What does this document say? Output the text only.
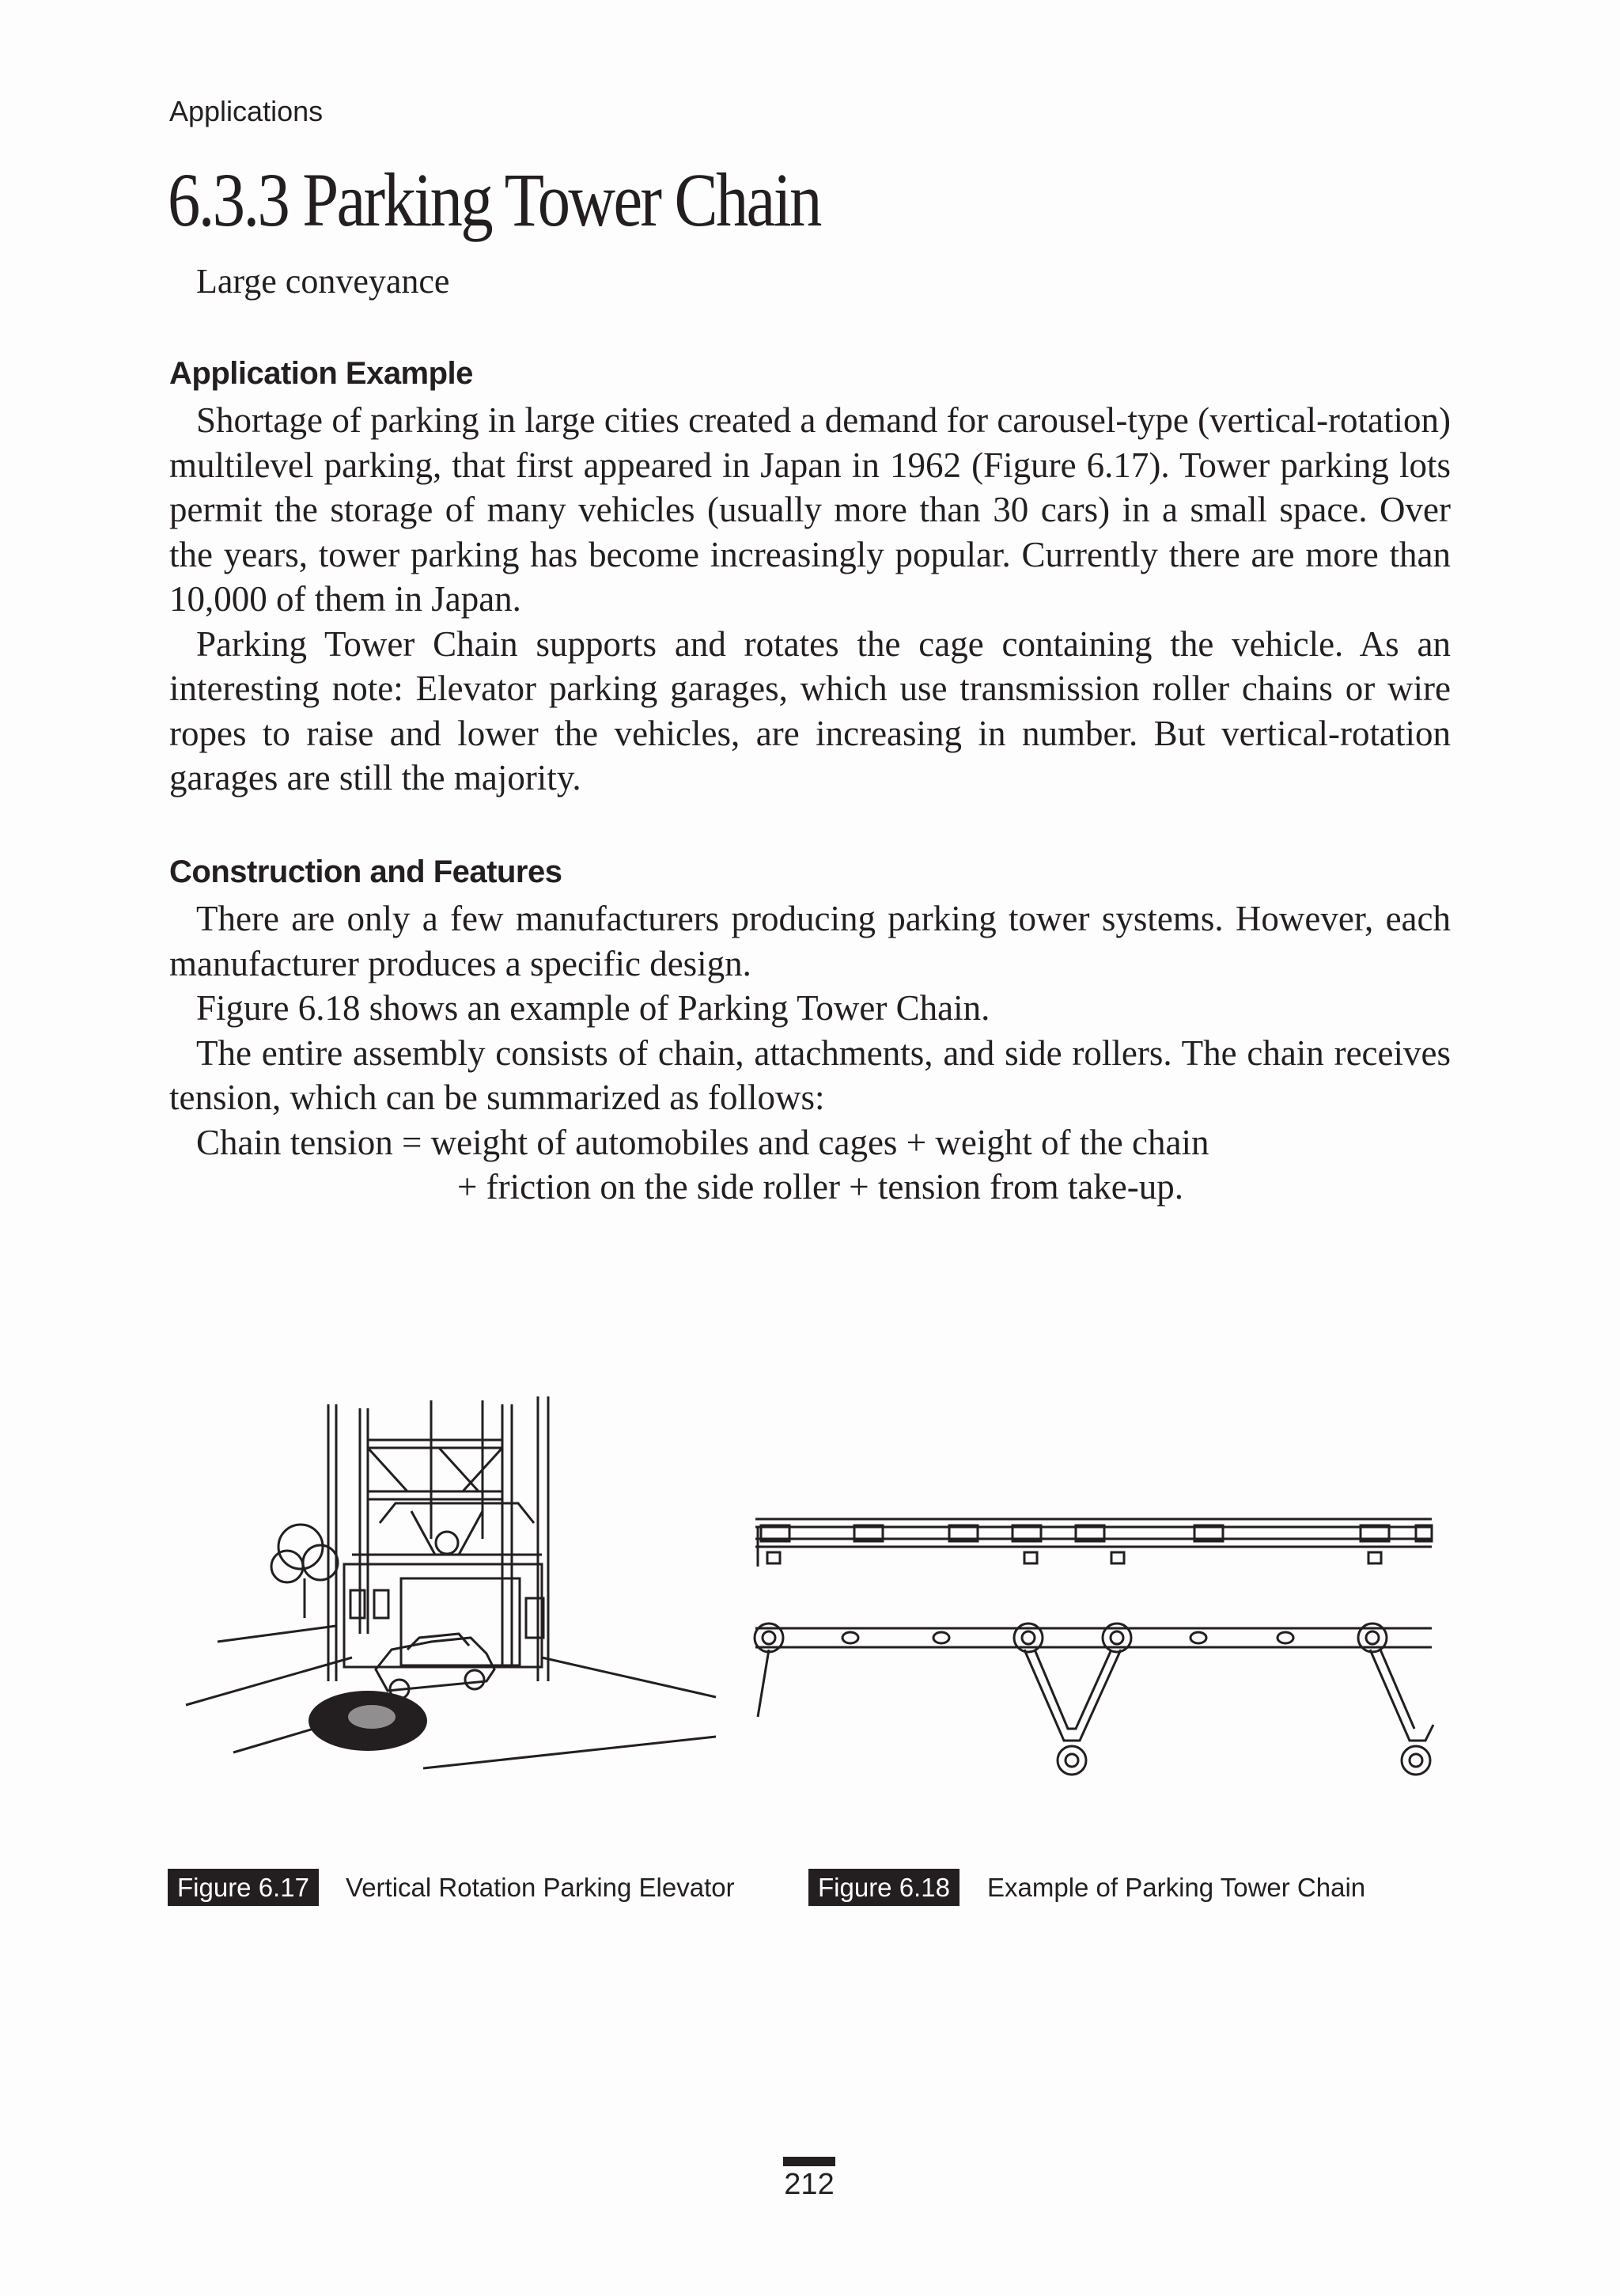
Applications
6.3.3 Parking Tower Chain
Large conveyance
Application Example

Shortage of parking in large cities created a demand for carousel-type (vertical-rotation) multilevel parking, that first appeared in Japan in 1962 (Figure 6.17). Tower parking lots permit the storage of many vehicles (usually more than 30 cars) in a small space. Over the years, tower parking has become increasingly popular. Currently there are more than 10,000 of them in Japan.

Parking Tower Chain supports and rotates the cage containing the vehicle. As an interesting note: Elevator parking garages, which use transmission roller chains or wire ropes to raise and lower the vehicles, are increasing in number. But vertical-rotation garages are still the majority.

Construction and Features

There are only a few manufacturers producing parking tower systems. However, each manufacturer produces a specific design.

Figure 6.18 shows an example of Parking Tower Chain.

The entire assembly consists of chain, attachments, and side rollers. The chain receives tension, which can be summarized as follows:

Chain tension = weight of automobiles and cages + weight of the chain
+ friction on the side roller + tension from take-up.
Figure 6.17	Vertical Rotation Parking Elevator	Figure 6.18	Example of Parking Tower Chain
212
